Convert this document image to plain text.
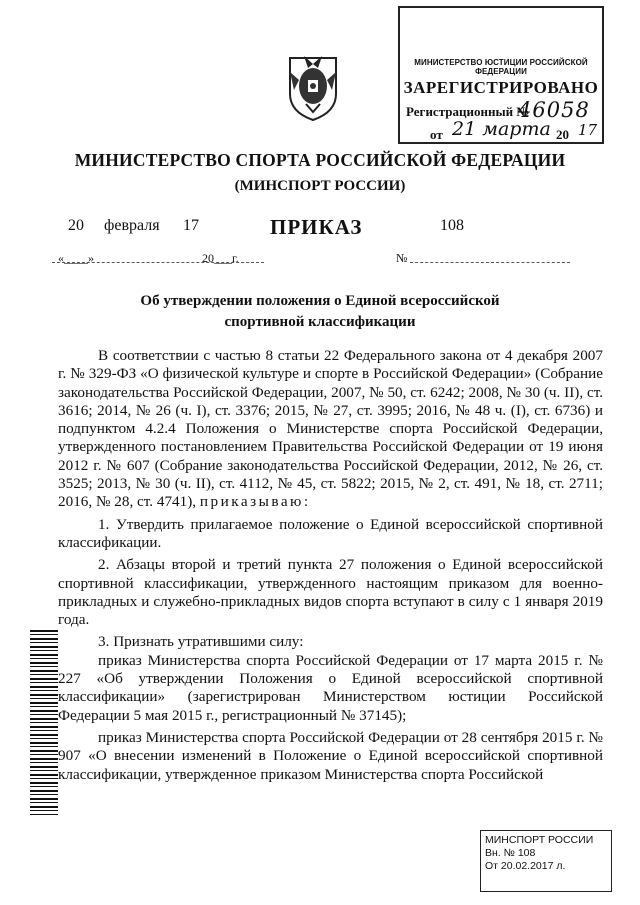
МИНИСТЕРСТВО ЮСТИЦИИ РОССИЙСКОЙ ФЕДЕРАЦИИ
ЗАРЕГИСТРИРОВАНО
Регистрационный №
46058
от 21 марта 20 17
МИНИСТЕРСТВО СПОРТА РОССИЙСКОЙ ФЕДЕРАЦИИ
(МИНСПОРТ РОССИИ)
20 февраля 17	ПРИКАЗ	108
«____»	20___г.	№
Об утверждении положения о Единой всероссийской спортивной классификации

В соответствии с частью 8 статьи 22 Федерального закона от 4 декабря 2007 г. № 329-ФЗ «О физической культуре и спорте в Российской Федерации» (Собрание законодательства Российской Федерации, 2007, № 50, ст. 6242; 2008, № 30 (ч. II), ст. 3616; 2014, № 26 (ч. I), ст. 3376; 2015, № 27, ст. 3995; 2016, № 48 ч. (I), ст. 6736) и подпунктом 4.2.4 Положения о Министерстве спорта Российской Федерации, утвержденного постановлением Правительства Российской Федерации от 19 июня 2012 г. № 607 (Собрание законодательства Российской Федерации, 2012, № 26, ст. 3525; 2013, № 30 (ч. II), ст. 4112, № 45, ст. 5822; 2015, № 2, ст. 491, № 18, ст. 2711; 2016, № 28, ст. 4741), приказываю:

1. Утвердить прилагаемое положение о Единой всероссийской спортивной классификации.

2. Абзацы второй и третий пункта 27 положения о Единой всероссийской спортивной классификации, утвержденного настоящим приказом для военно-прикладных и служебно-прикладных видов спорта вступают в силу с 1 января 2019 года.

3. Признать утратившими силу:

приказ Министерства спорта Российской Федерации от 17 марта 2015 г. № 227 «Об утверждении Положения о Единой всероссийской спортивной классификации» (зарегистрирован Министерством юстиции Российской Федерации 5 мая 2015 г., регистрационный № 37145);

приказ Министерства спорта Российской Федерации от 28 сентября 2015 г. № 907 «О внесении изменений в Положение о Единой всероссийской спортивной классификации, утвержденное приказом Министерства спорта Российской

МИНСПОРТ РОССИИ
Вн. № 108
От 20.02.2017 л.
